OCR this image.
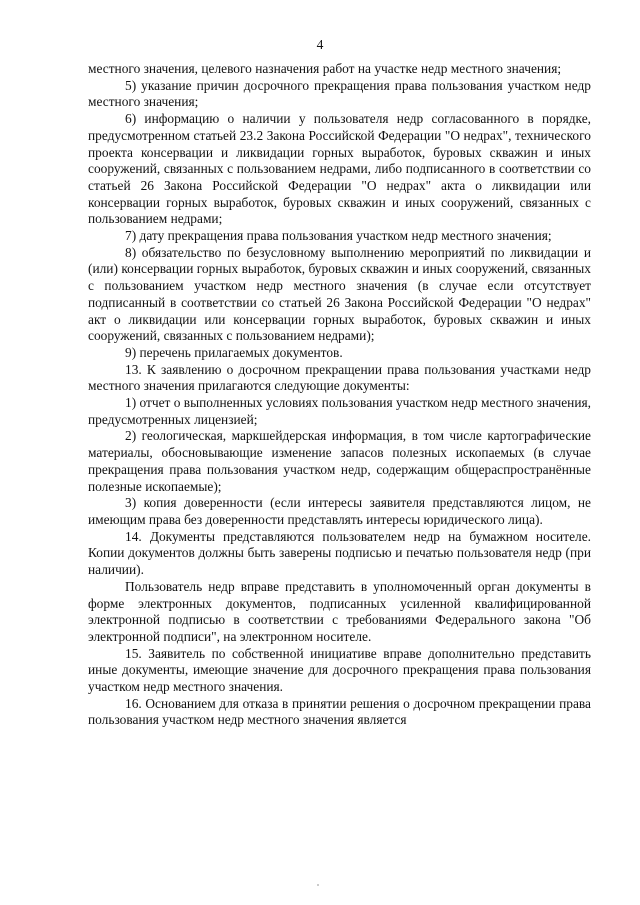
4

местного значения, целевого назначения работ на участке недр местного значения;

5) указание причин досрочного прекращения права пользования участком недр местного значения;

6) информацию о наличии у пользователя недр согласованного в порядке, предусмотренном статьей 23.2 Закона Российской Федерации "О недрах", технического проекта консервации и ликвидации горных выработок, буровых скважин и иных сооружений, связанных с пользованием недрами, либо подписанного в соответствии со статьей 26 Закона Российской Федерации "О недрах" акта о ликвидации или консервации горных выработок, буровых скважин и иных сооружений, связанных с пользованием недрами;

7) дату прекращения права пользования участком недр местного значения;

8) обязательство по безусловному выполнению мероприятий по ликвидации и (или) консервации горных выработок, буровых скважин и иных сооружений, связанных с пользованием участком недр местного значения (в случае если отсутствует подписанный в соответствии со статьей 26 Закона Российской Федерации "О недрах" акт о ликвидации или консервации горных выработок, буровых скважин и иных сооружений, связанных с пользованием недрами);

9) перечень прилагаемых документов.

13. К заявлению о досрочном прекращении права пользования участками недр местного значения прилагаются следующие документы:

1) отчет о выполненных условиях пользования участком недр местного значения, предусмотренных лицензией;

2) геологическая, маркшейдерская информация, в том числе картографические материалы, обосновывающие изменение запасов полезных ископаемых (в случае прекращения права пользования участком недр, содержащим общераспространённые полезные ископаемые);

3) копия доверенности (если интересы заявителя представляются лицом, не имеющим права без доверенности представлять интересы юридического лица).

14. Документы представляются пользователем недр на бумажном носителе. Копии документов должны быть заверены подписью и печатью пользователя недр (при наличии).

Пользователь недр вправе представить в уполномоченный орган документы в форме электронных документов, подписанных усиленной квалифицированной электронной подписью в соответствии с требованиями Федерального закона "Об электронной подписи", на электронном носителе.

15. Заявитель по собственной инициативе вправе дополнительно представить иные документы, имеющие значение для досрочного прекращения права пользования участком недр местного значения.

16. Основанием для отказа в принятии решения о досрочном прекращении права пользования участком недр местного значения является
